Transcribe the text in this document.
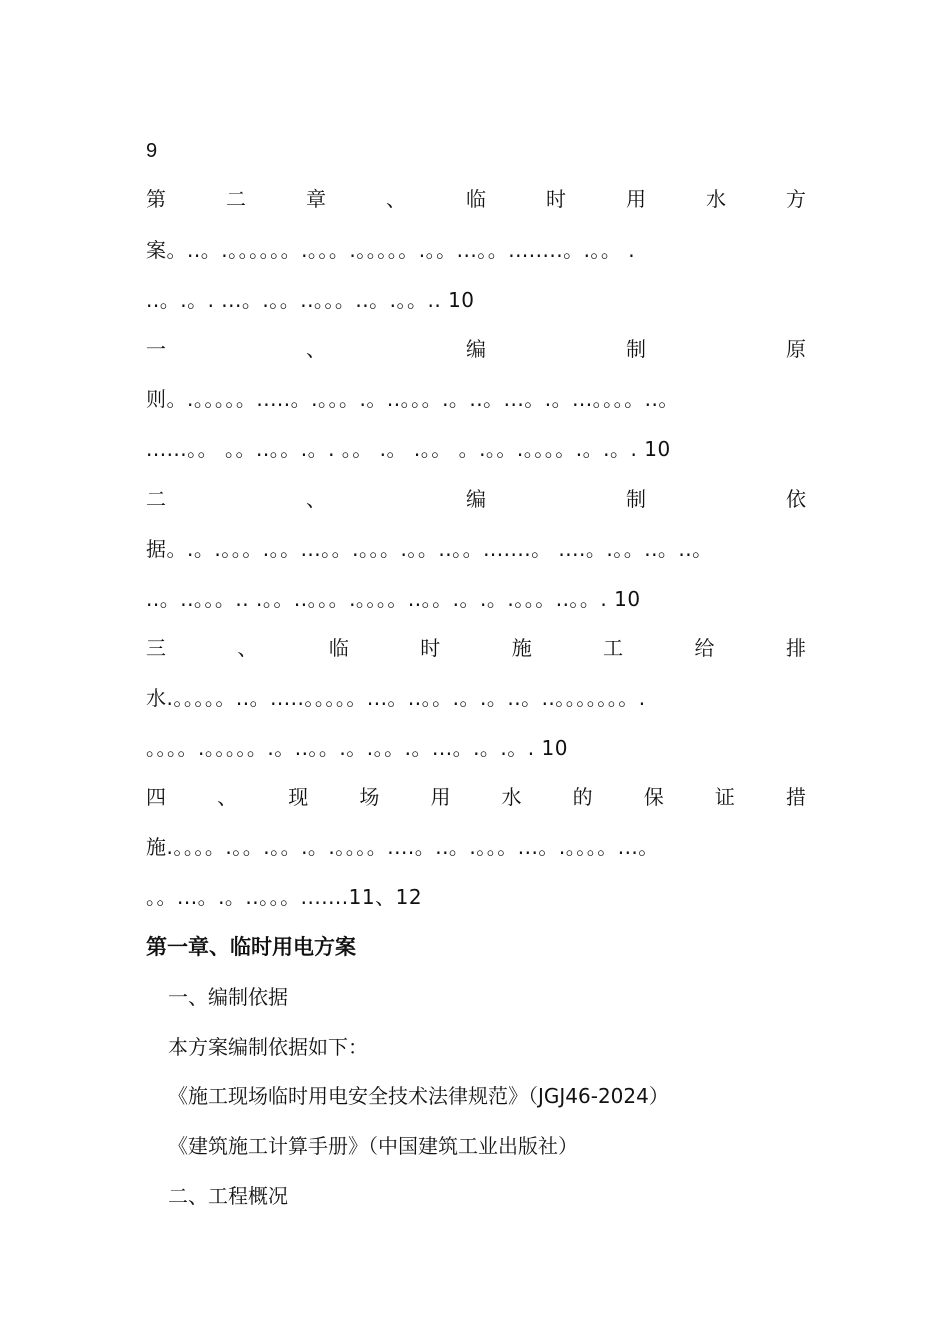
9
第	二	章	、	临	时	用	水	方
案。..。.。。。。。。.。。。.。。。。。.。。...。。........。.。。 .
..。.。. ...。.。。..。。。..。.。。.. 10
一	、	编	制	原
则。.。。。。。.....。.。。。.。..。。。.。..。...。.。...。。。。..。
......。。 。。..。。.。. 。。 .。 .。。 。.。。.。。。。.。.。. 10
二	、	编	制	依
据。.。.。。。.。。...。。.。。。.。。..。。.......。 ....。.。。..。..。
..。..。。。.. .。。..。。。.。。。。..。。.。.。.。。。..。。. 10
三	、	临	时	施	工	给	排
水.。。。。。..。.....。。。。。...。..。。.。.。..。..。。。。。。。.
。。。。.。。。。。.。..。。.。.。。.。...。.。.。. 10
四	、	现	场	用	水	的	保	证	措
施.。。。。.。。.。。.。.。。。。....。..。.。。。...。.。。。。...。
。。...。.。..。。。.......11、12
第一章、临时用电方案
一、编制依据
本方案编制依据如下：
《施工现场临时用电安全技术法律规范》（JGJ46-2024）
《建筑施工计算手册》（中国建筑工业出版社）
二、工程概况
